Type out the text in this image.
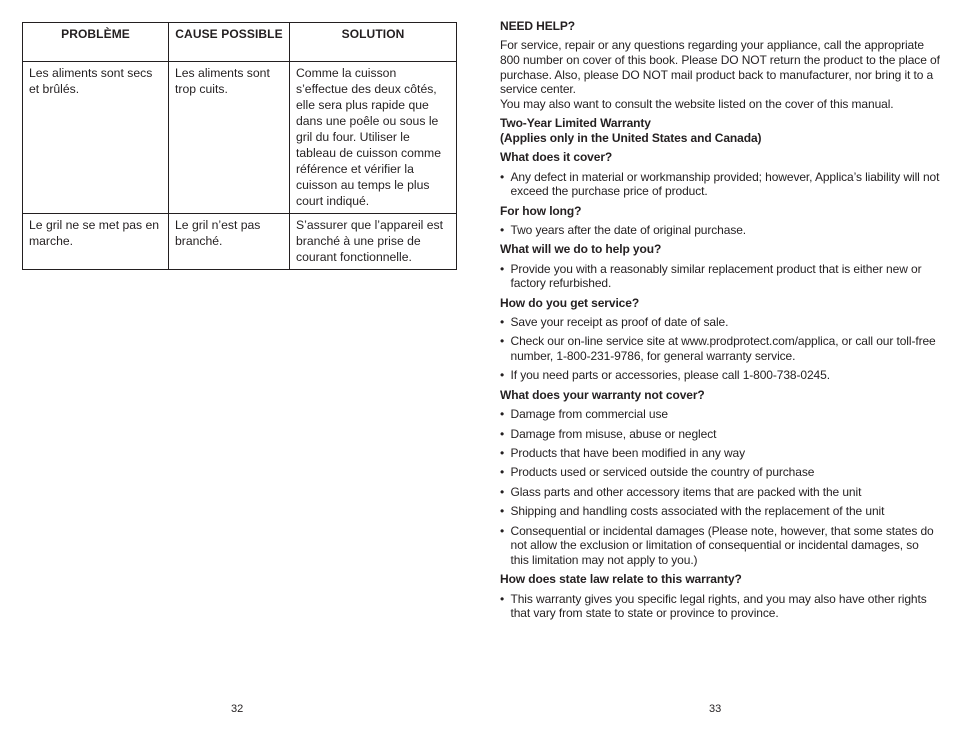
PROBLÈME	CAUSE POSSIBLE	SOLUTION
Les aliments sont secs et brûlés.	Les aliments sont trop cuits.	Comme la cuisson s’effectue des deux côtés, elle sera plus rapide que dans une poêle ou sous le gril du four. Utiliser le tableau de cuisson comme référence et vérifier la cuisson au temps le plus court indiqué.
Le gril ne se met pas en marche.	Le gril n’est pas branché.	S’assurer que l’appareil est branché à une prise de courant fonctionnelle.
32
NEED HELP?

For service, repair or any questions regarding your appliance, call the appropriate 800 number on cover of this book. Please DO NOT return the product to the place of purchase. Also, please DO NOT mail product back to manufacturer, nor bring it to a service center.

You may also want to consult the website listed on the cover of this manual.

Two-Year Limited Warranty
(Applies only in the United States and Canada)
What does it cover?

• Any defect in material or workmanship provided; however, Applica’s liability will not exceed the purchase price of product.

For how long?

• Two years after the date of original purchase.

What will we do to help you?

• Provide you with a reasonably similar replacement product that is either new or factory refurbished.

How do you get service?

• Save your receipt as proof of date of sale.

• Check our on-line service site at www.prodprotect.com/applica, or call our toll-free number, 1-800-231-9786, for general warranty service.

• If you need parts or accessories, please call 1-800-738-0245.

What does your warranty not cover?

• Damage from commercial use

• Damage from misuse, abuse or neglect

• Products that have been modified in any way

• Products used or serviced outside the country of purchase

• Glass parts and other accessory items that are packed with the unit

• Shipping and handling costs associated with the replacement of the unit

• Consequential or incidental damages (Please note, however, that some states do not allow the exclusion or limitation of consequential or incidental damages, so this limitation may not apply to you.)

How does state law relate to this warranty?

• This warranty gives you specific legal rights, and you may also have other rights that vary from state to state or province to province.

33
